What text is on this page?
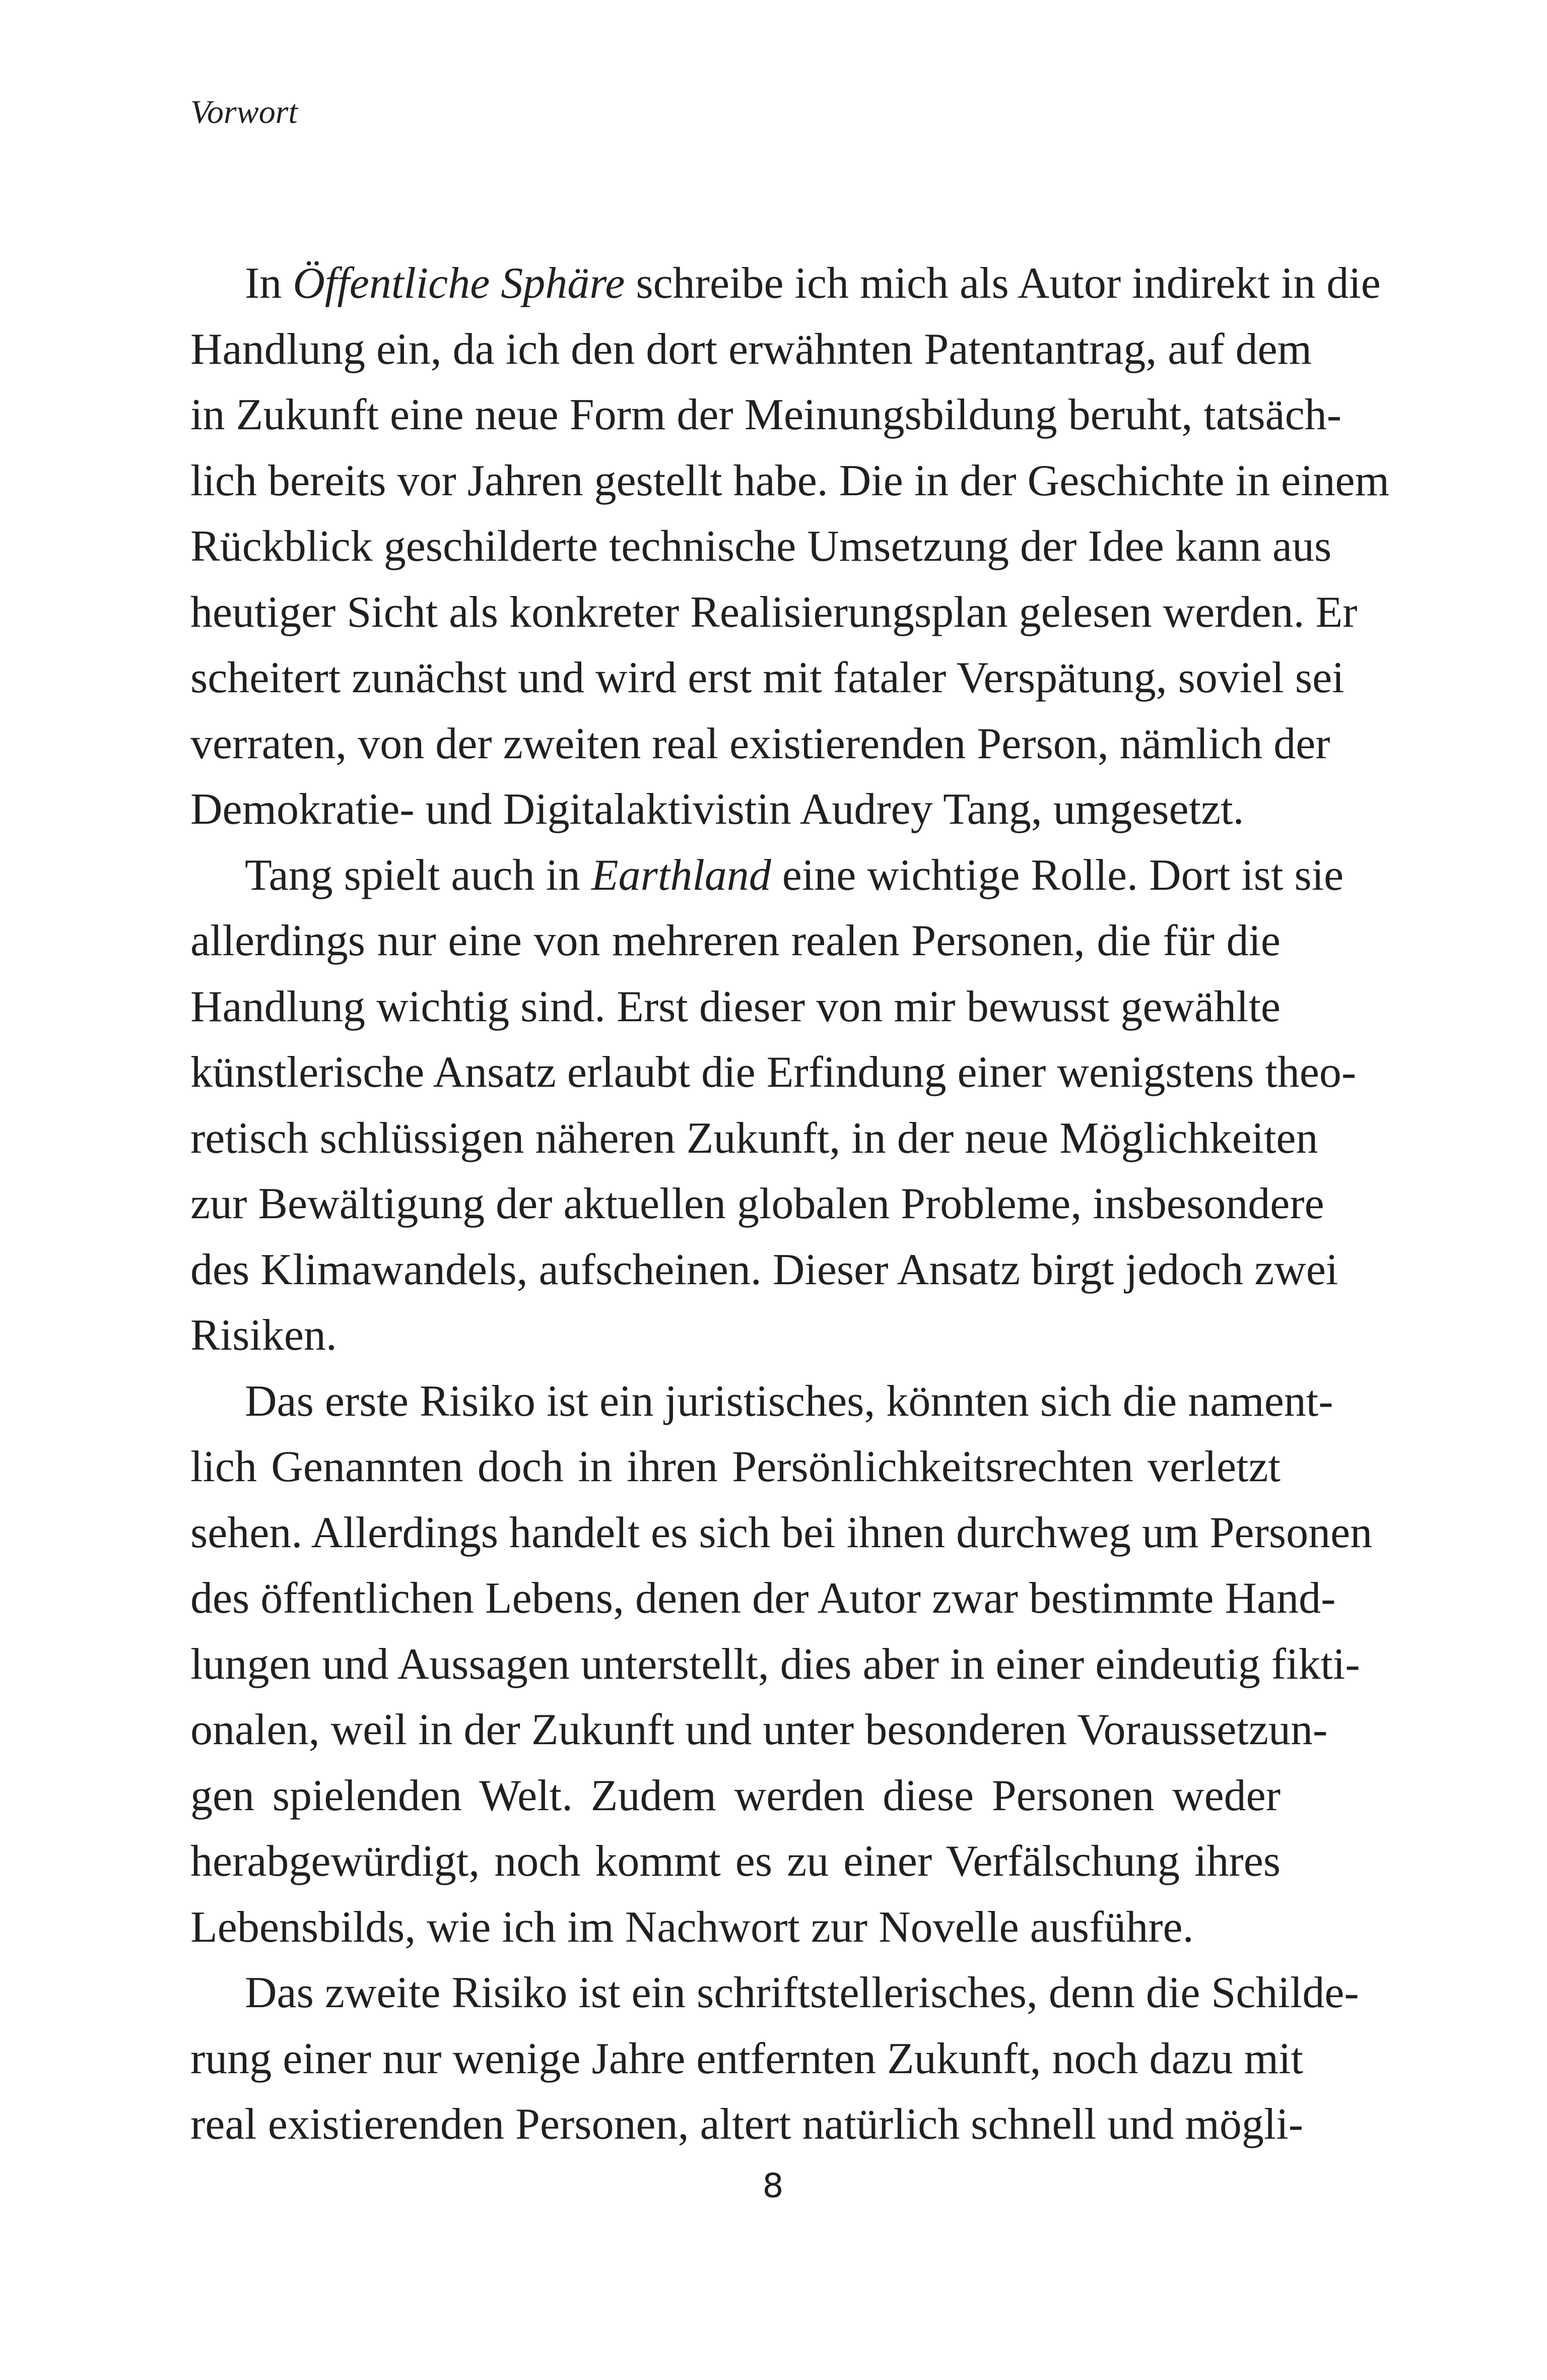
Vorwort
In Öffentliche Sphäre schreibe ich mich als Autor indirekt in die
Handlung ein, da ich den dort erwähnten Patentantrag, auf dem
in Zukunft eine neue Form der Meinungsbildung beruht, tatsäch-
lich bereits vor Jahren gestellt habe. Die in der Geschichte in einem
Rückblick geschilderte technische Umsetzung der Idee kann aus
heutiger Sicht als konkreter Realisierungsplan gelesen werden. Er
scheitert zunächst und wird erst mit fataler Verspätung, soviel sei
verraten, von der zweiten real existierenden Person, nämlich der
Demokratie- und Digitalaktivistin Audrey Tang, umgesetzt.
Tang spielt auch in Earthland eine wichtige Rolle. Dort ist sie
allerdings nur eine von mehreren realen Personen, die für die
Handlung wichtig sind. Erst dieser von mir bewusst gewählte
künstlerische Ansatz erlaubt die Erfindung einer wenigstens theo-
retisch schlüssigen näheren Zukunft, in der neue Möglichkeiten
zur Bewältigung der aktuellen globalen Probleme, insbesondere
des Klimawandels, aufscheinen. Dieser Ansatz birgt jedoch zwei
Risiken.
Das erste Risiko ist ein juristisches, könnten sich die nament-
lich Genannten doch in ihren Persönlichkeitsrechten verletzt
sehen. Allerdings handelt es sich bei ihnen durchweg um Personen
des öffentlichen Lebens, denen der Autor zwar bestimmte Hand-
lungen und Aussagen unterstellt, dies aber in einer eindeutig fikti-
onalen, weil in der Zukunft und unter besonderen Voraussetzun-
gen spielenden Welt. Zudem werden diese Personen weder
herabgewürdigt, noch kommt es zu einer Verfälschung ihres
Lebensbilds, wie ich im Nachwort zur Novelle ausführe.
Das zweite Risiko ist ein schriftstellerisches, denn die Schilde-
rung einer nur wenige Jahre entfernten Zukunft, noch dazu mit
real existierenden Personen, altert natürlich schnell und mögli-
8
